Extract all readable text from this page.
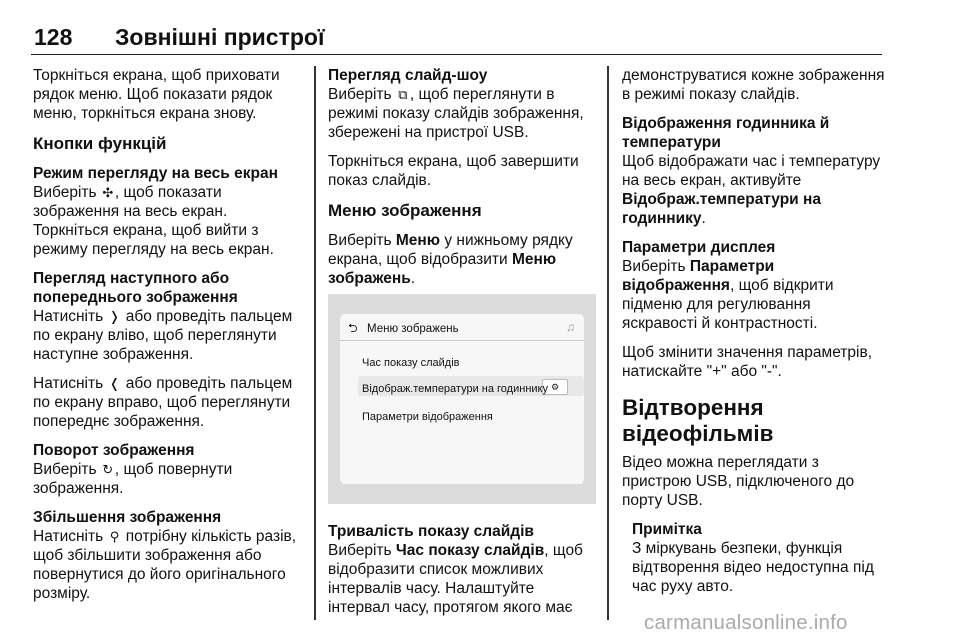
128 Зовнішні пристрої

Торкніться екрана, щоб приховати рядок меню. Щоб показати рядок меню, торкніться екрана знову.

Кнопки функцій
Режим перегляду на весь екран
Виберіть ✣, щоб показати зображення на весь екран.

Торкніться екрана, щоб вийти з режиму перегляду на весь екран.

Перегляд наступного або попереднього зображення

Натисніть ❭ або проведіть пальцем по екрану вліво, щоб переглянути наступне зображення.

Натисніть ❬ або проведіть пальцем по екрану вправо, щоб переглянути попереднє зображення.

Поворот зображення

Виберіть ↻, щоб повернути зображення.

Збільшення зображення

Натисніть ⚲ потрібну кількість разів, щоб збільшити зображення або повернутися до його оригінального розміру.

Перегляд слайд-шоу

Виберіть ⧉ , щоб переглянути в режимі показу слайдів зображення, збережені на пристрої USB.

Торкніться екрана, щоб завершити показ слайдів.

Меню зображення
Виберіть Меню у нижньому рядку екрана, щоб відобразити Меню зображень.
⮌ Меню зображень	♫
Час показу слайдів
⚙
Відображ.температури на годиннику
Параметри відображення
Тривалість показу слайдів
Виберіть Час показу слайдів, щоб відобразити список можливих інтервалів часу. Налаштуйте інтервал часу, протягом якого має

демонструватися кожне зображення в режимі показу слайдів.

Відображення годинника й температури

Щоб відображати час і температуру на весь екран, активуйте Відображ.температури на годиннику.

Параметри дисплея

Виберіть Параметри відображення, щоб відкрити підменю для регулювання яскравості й контрастності.

Щоб змінити значення параметрів, натискайте "+" або "-".

Відтворення відеофільмів

Відео можна переглядати з пристрою USB, підключеного до порту USB.

Примітка
З міркувань безпеки, функція відтворення відео недоступна під час руху авто.
carmanualsonline.info
